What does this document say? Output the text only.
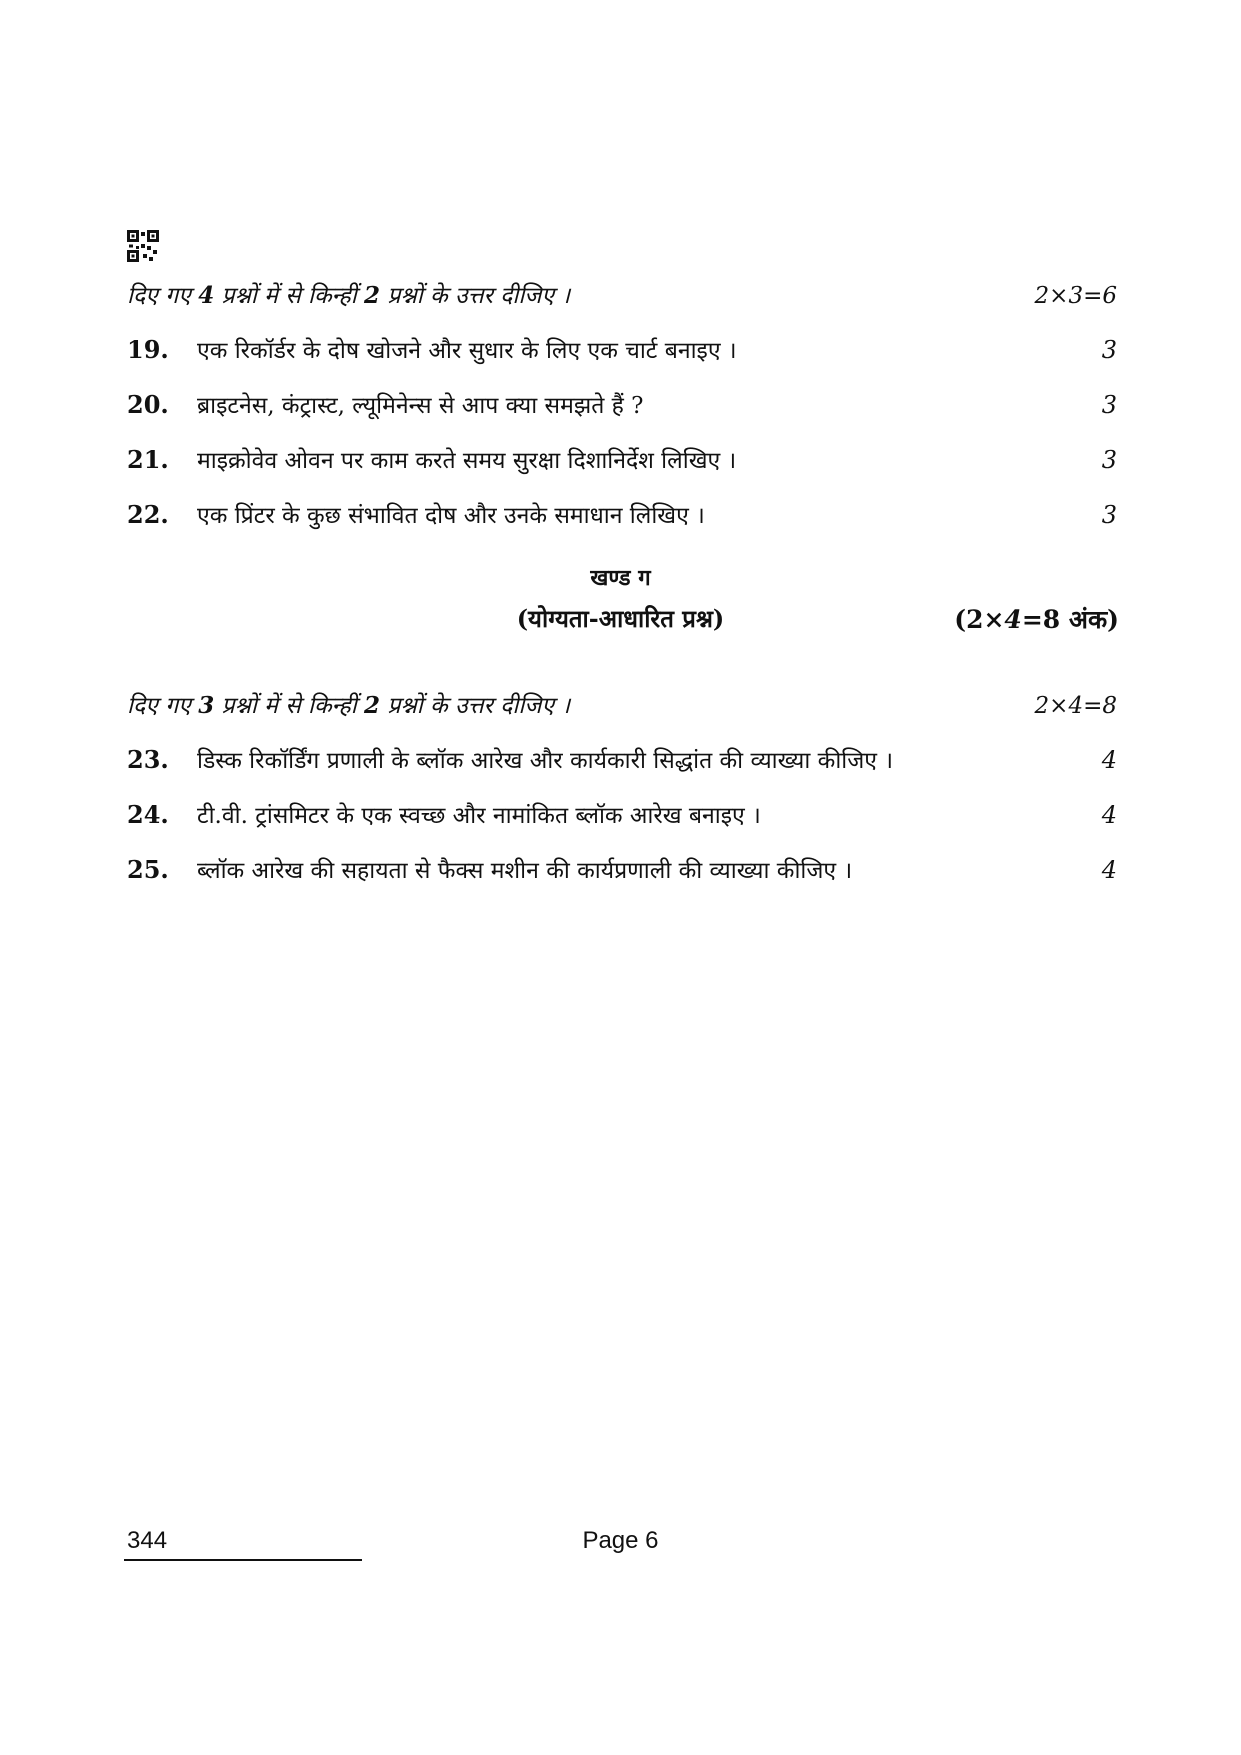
दिए गए 4 प्रश्नों में से किन्हीं 2 प्रश्नों के उत्तर दीजिए ।	2×3=6
19.	एक रिकॉर्डर के दोष खोजने और सुधार के लिए एक चार्ट बनाइए ।	3
20.	ब्राइटनेस, कंट्रास्ट, ल्यूमिनेन्स से आप क्या समझते हैं ?	3
21.	माइक्रोवेव ओवन पर काम करते समय सुरक्षा दिशानिर्देश लिखिए ।	3
22.	एक प्रिंटर के कुछ संभावित दोष और उनके समाधान लिखिए ।	3
खण्ड ग
(योग्यता-आधारित प्रश्न)	(2×4=8 अंक)
दिए गए 3 प्रश्नों में से किन्हीं 2 प्रश्नों के उत्तर दीजिए ।	2×4=8
23.	डिस्क रिकॉर्डिंग प्रणाली के ब्लॉक आरेख और कार्यकारी सिद्धांत की व्याख्या कीजिए ।	4
24.	टी.वी. ट्रांसमिटर के एक स्वच्छ और नामांकित ब्लॉक आरेख बनाइए ।	4
25.	ब्लॉक आरेख की सहायता से फैक्स मशीन की कार्यप्रणाली की व्याख्या कीजिए ।	4
344	Page 6
